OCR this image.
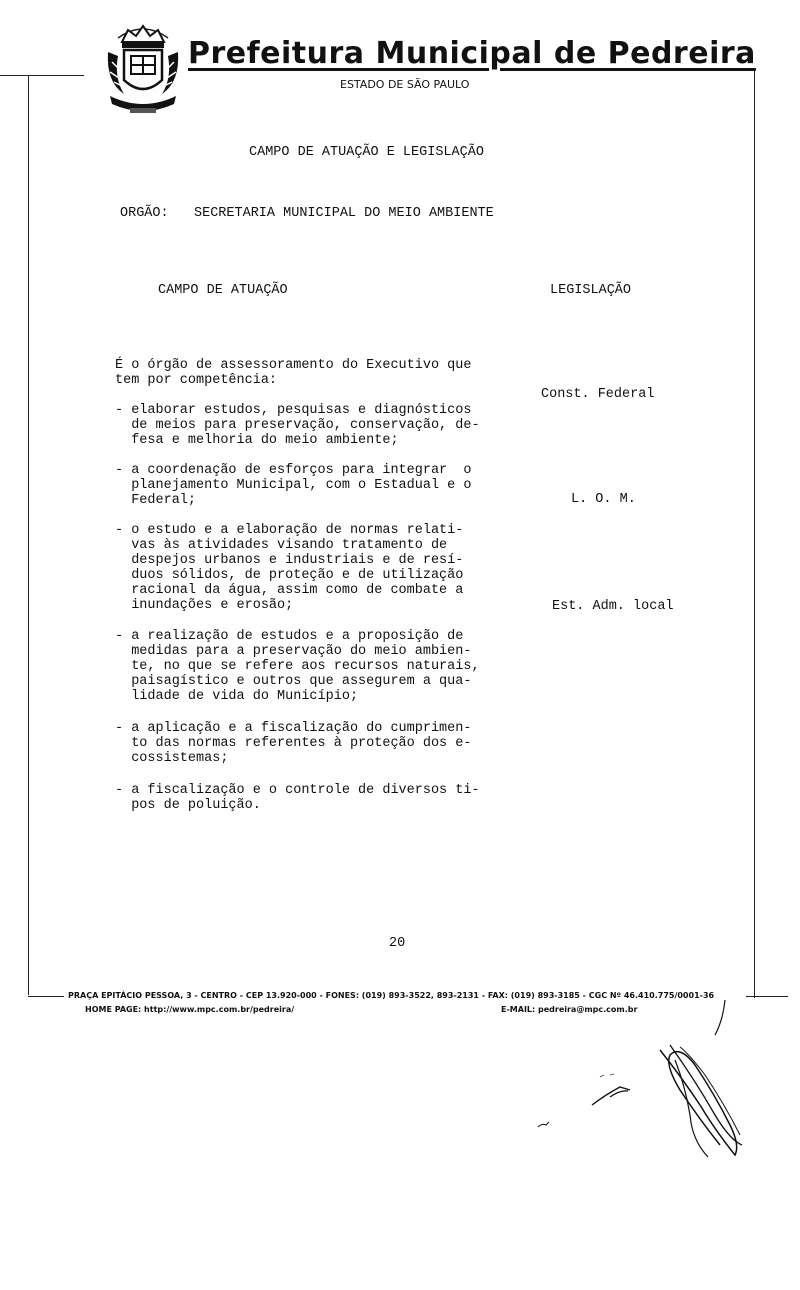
Prefeitura Municipal de Pedreira
ESTADO DE SÃO PAULO
CAMPO DE ATUAÇÃO E LEGISLAÇÃO
ORGÃO: SECRETARIA MUNICIPAL DO MEIO AMBIENTE
CAMPO DE ATUAÇÃO	LEGISLAÇÃO
É o órgão de assessoramento do Executivo que
tem por competência:
- elaborar estudos, pesquisas e diagnósticos
de meios para preservação, conservação, de-
fesa e melhoria do meio ambiente;
- a coordenação de esforços para integrar  o
planejamento Municipal, com o Estadual e o
Federal;
- o estudo e a elaboração de normas relati-
vas às atividades visando tratamento de
despejos urbanos e industriais e de resí-
duos sólidos, de proteção e de utilização
racional da água, assim como de combate a
inundações e erosão;
- a realização de estudos e a proposição de
medidas para a preservação do meio ambien-
te, no que se refere aos recursos naturais,
paisagístico e outros que assegurem a qua-
lidade de vida do Município;
- a aplicação e a fiscalização do cumprimen-
to das normas referentes à proteção dos e-
cossistemas;
- a fiscalização e o controle de diversos ti-
pos de poluição.
Const. Federal
L. O. M.
Est. Adm. local
20
PRAÇA EPITÁCIO PESSOA, 3 - CENTRO - CEP 13.920-000 - FONES: (019) 893-3522, 893-2131 - FAX: (019) 893-3185 - CGC Nº 46.410.775/0001-36
HOME PAGE: http://www.mpc.com.br/pedreira/	E-MAIL: pedreira@mpc.com.br
